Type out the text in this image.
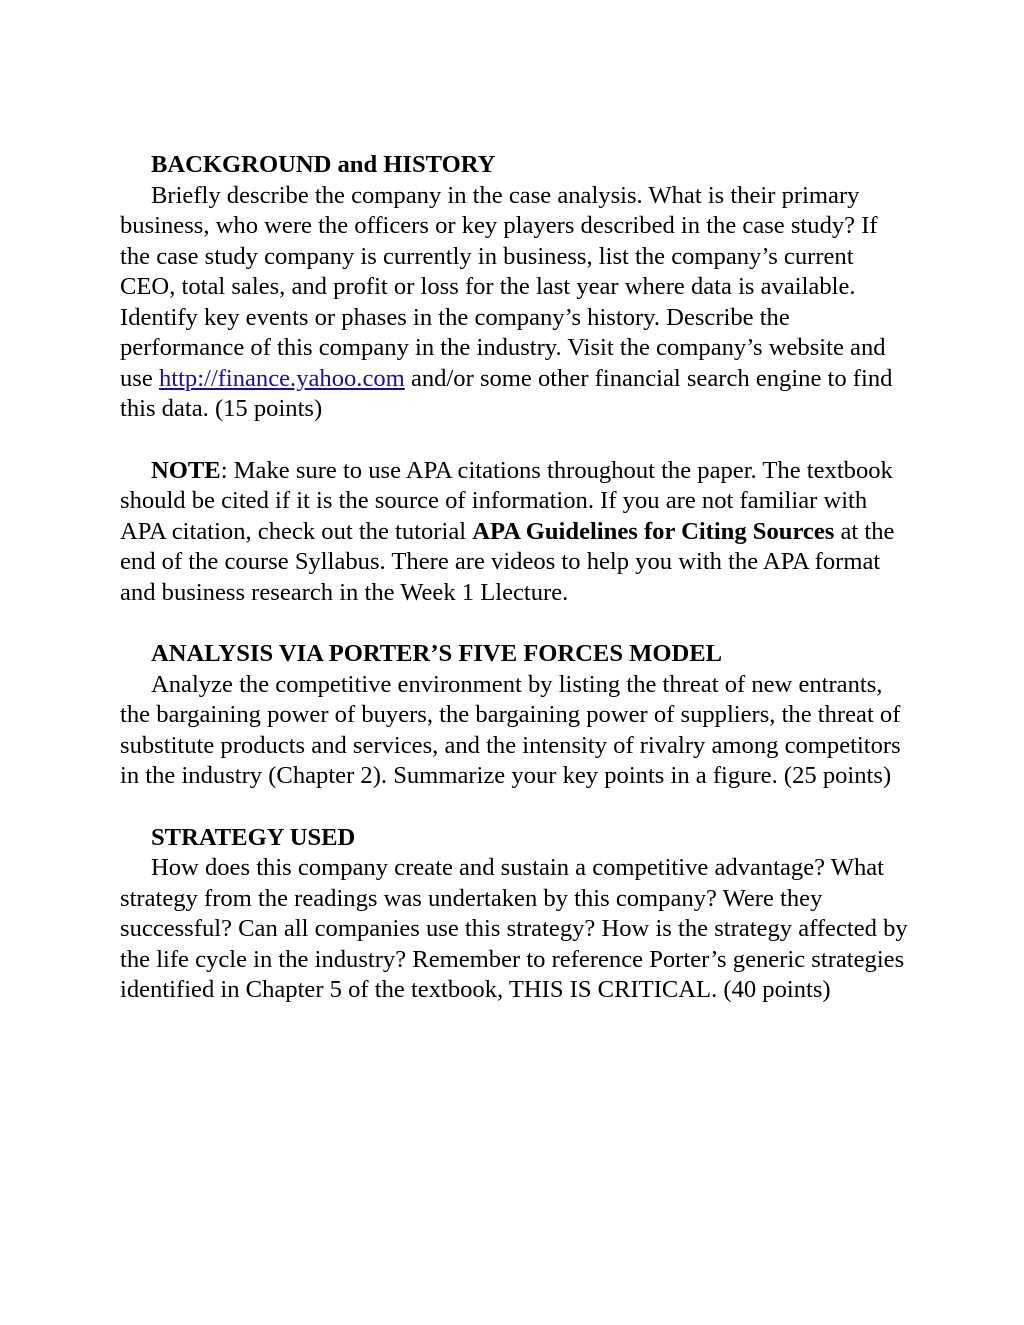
BACKGROUND and HISTORY

Briefly describe the company in the case analysis. What is their primary business, who were the officers or key players described in the case study? If the case study company is currently in business, list the company’s current CEO, total sales, and profit or loss for the last year where data is available. Identify key events or phases in the company’s history. Describe the performance of this company in the industry. Visit the company’s website and use http://finance.yahoo.com and/or some other financial search engine to find this data. (15 points)

NOTE: Make sure to use APA citations throughout the paper. The textbook should be cited if it is the source of information. If you are not familiar with APA citation, check out the tutorial APA Guidelines for Citing Sources at the end of the course Syllabus. There are videos to help you with the APA format and business research in the Week 1 Llecture.

ANALYSIS VIA PORTER’S FIVE FORCES MODEL

Analyze the competitive environment by listing the threat of new entrants, the bargaining power of buyers, the bargaining power of suppliers, the threat of substitute products and services, and the intensity of rivalry among competitors in the industry (Chapter 2). Summarize your key points in a figure. (25 points)

STRATEGY USED

How does this company create and sustain a competitive advantage? What strategy from the readings was undertaken by this company? Were they successful? Can all companies use this strategy? How is the strategy affected by the life cycle in the industry? Remember to reference Porter’s generic strategies identified in Chapter 5 of the textbook, THIS IS CRITICAL. (40 points)
